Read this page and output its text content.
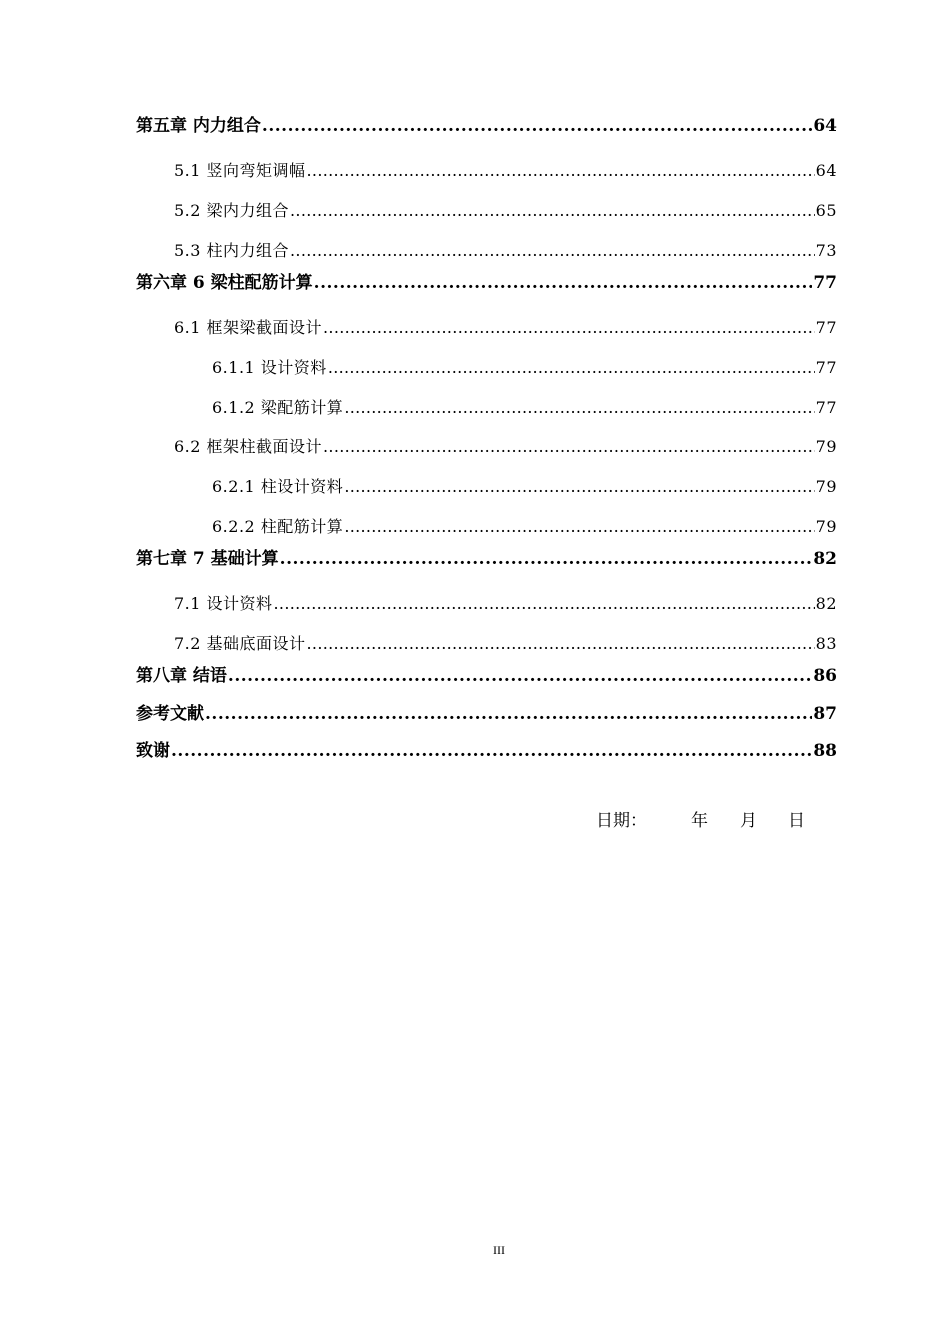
第五章 内力组合 .....	64
5.1 竖向弯矩调幅 .....	64
5.2 梁内力组合 .....	65
5.3 柱内力组合 .....	73
第六章 6 梁柱配筋计算 .....	77
6.1 框架梁截面设计 .....	77
6.1.1 设计资料 .....	77
6.1.2 梁配筋计算 .....	77
6.2 框架柱截面设计 .....	79
6.2.1 柱设计资料 .....	79
6.2.2 柱配筋计算 .....	79
第七章 7 基础计算 .....	82
7.1 设计资料 .....	82
7.2 基础底面设计 .....	83
第八章 结语 .....	86
参考文献 .....	87
致谢 .....	88
日期：	年 月 日
III
